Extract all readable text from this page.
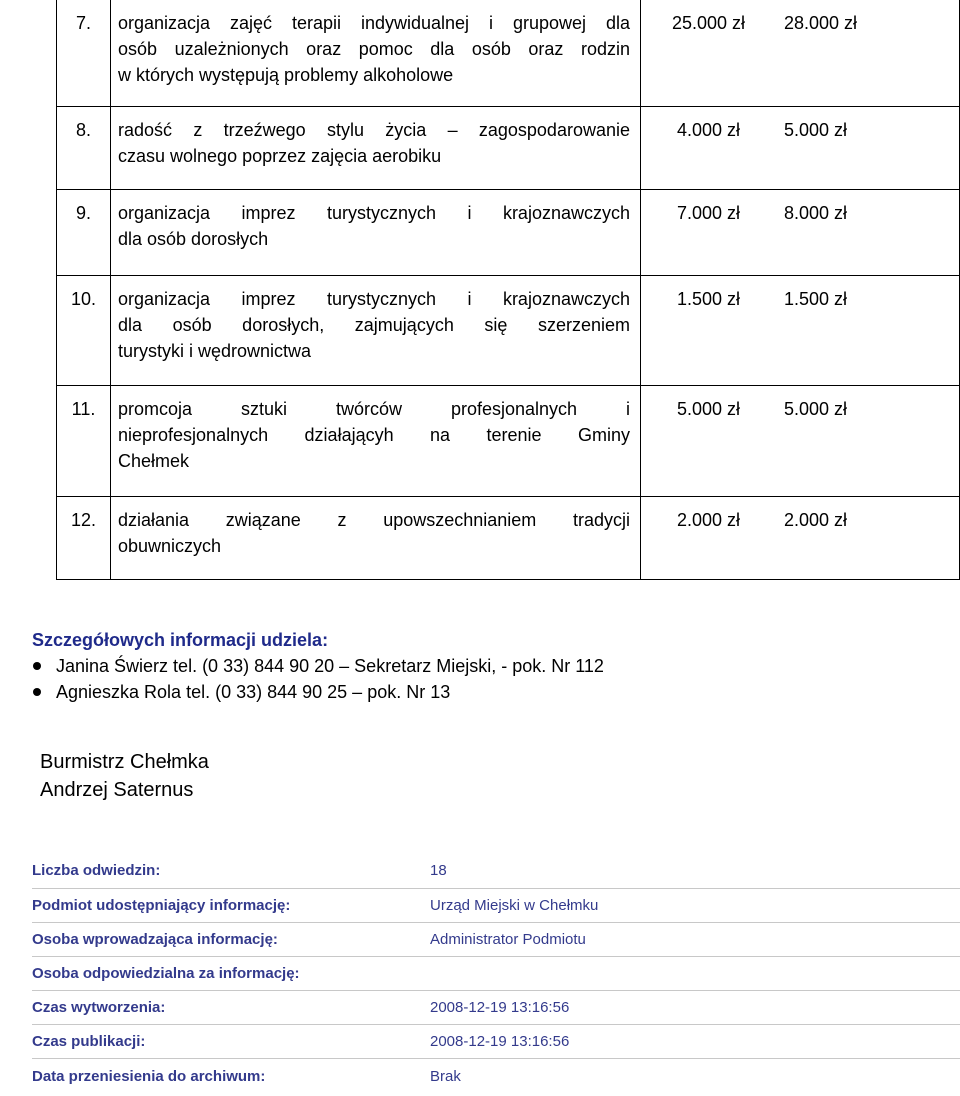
7.	organizacja zajęć terapii indywidualnej i grupowej dla
osób uzależnionych oraz pomoc dla osób oraz rodzin
w których występują problemy alkoholowe
25.000 zł	28.000 zł
8.	radość z trzeźwego stylu życia – zagospodarowanie
czasu wolnego poprzez zajęcia aerobiku
4.000 zł	5.000 zł
9.	organizacja imprez turystycznych i krajoznawczych
dla osób dorosłych
7.000 zł	8.000 zł
10.	organizacja imprez turystycznych i krajoznawczych
dla osób dorosłych, zajmujących się szerzeniem
turystyki i wędrownictwa
1.500 zł	1.500 zł
11.	promcoja sztuki twórców profesjonalnych i
nieprofesjonalnych działającyh na terenie Gminy
Chełmek
5.000 zł	5.000 zł
12.	działania związane z upowszechnianiem tradycji
obuwniczych
2.000 zł	2.000 zł

Szczegółowych informacji udziela:

Janina Świerz tel. (0 33) 844 90 20 – Sekretarz Miejski, - pok. Nr 112
Agnieszka Rola tel. (0 33) 844 90 25 – pok. Nr 13
Burmistrz Chełmka
Andrzej Saternus
Liczba odwiedzin:	18
Podmiot udostępniający informację:	Urząd Miejski w Chełmku
Osoba wprowadzająca informację:	Administrator Podmiotu
Osoba odpowiedzialna za informację:
Czas wytworzenia:	2008-12-19 13:16:56
Czas publikacji:	2008-12-19 13:16:56
Data przeniesienia do archiwum:	Brak
